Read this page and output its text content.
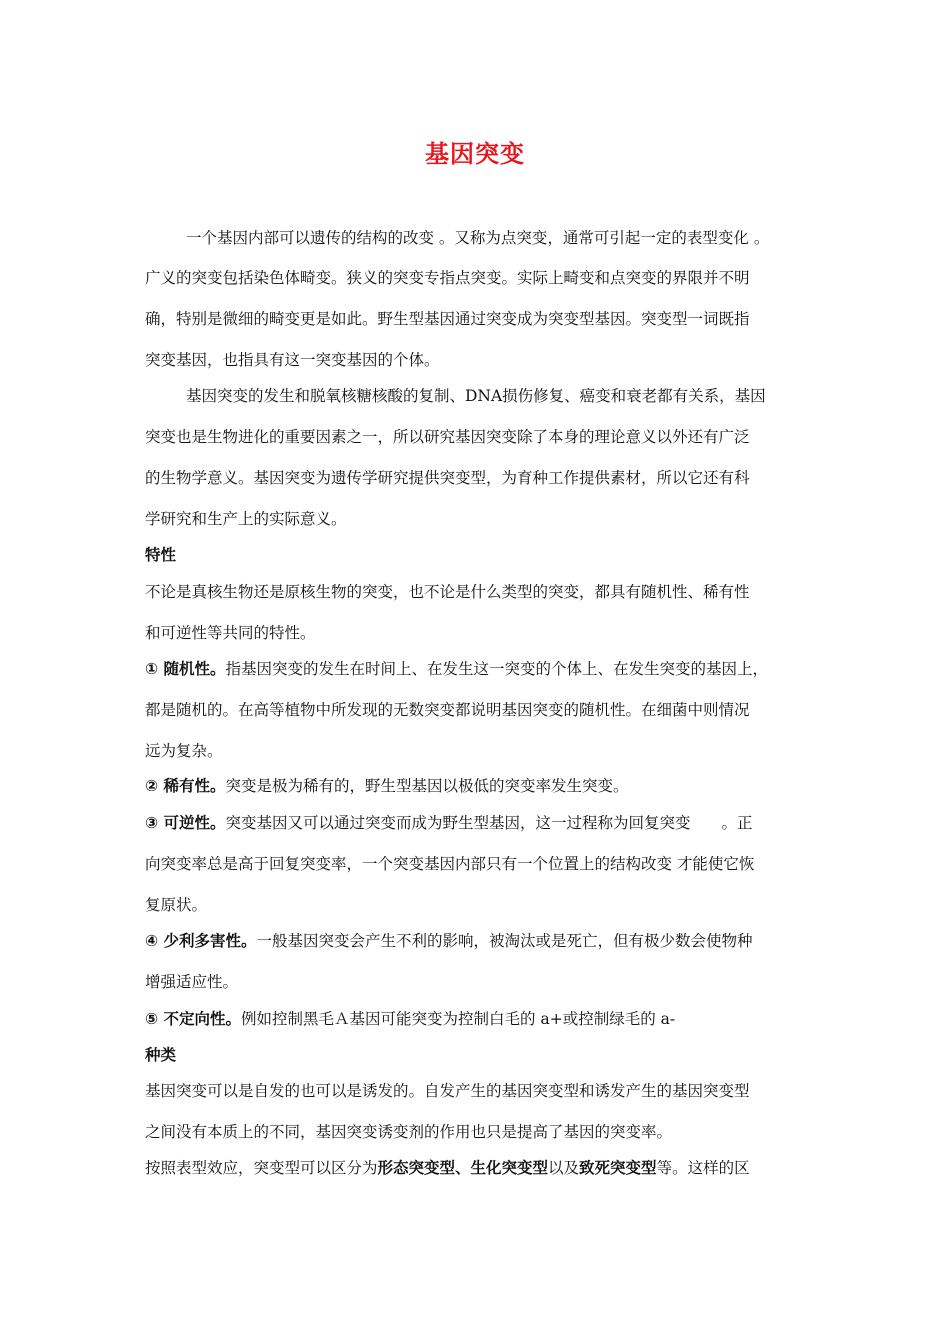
基因突变
一个基因内部可以遗传的结构的改变 。又称为点突变，通常可引起一定的表型变化 。
广义的突变包括染色体畸变。狭义的突变专指点突变。实际上畸变和点突变的界限并不明
确，特别是微细的畸变更是如此。野生型基因通过突变成为突变型基因。突变型一词既指
突变基因，也指具有这一突变基因的个体。
基因突变的发生和脱氧核糖核酸的复制、DNA损伤修复、癌变和衰老都有关系，基因
突变也是生物进化的重要因素之一，所以研究基因突变除了本身的理论意义以外还有广泛
的生物学意义。基因突变为遗传学研究提供突变型，为育种工作提供素材，所以它还有科
学研究和生产上的实际意义。
特性
不论是真核生物还是原核生物的突变，也不论是什么类型的突变，都具有随机性、稀有性
和可逆性等共同的特性。
① 随机性。指基因突变的发生在时间上、在发生这一突变的个体上、在发生突变的基因上，
都是随机的。在高等植物中所发现的无数突变都说明基因突变的随机性。在细菌中则情况
远为复杂。
② 稀有性。突变是极为稀有的，野生型基因以极低的突变率发生突变。
③ 可逆性。突变基因又可以通过突变而成为野生型基因，这一过程称为回复突变　　。正
向突变率总是高于回复突变率，一个突变基因内部只有一个位置上的结构改变 才能使它恢
复原状。
④ 少利多害性。一般基因突变会产生不利的影响，被淘汰或是死亡，但有极少数会使物种
增强适应性。
⑤ 不定向性。例如控制黑毛Ａ基因可能突变为控制白毛的 a+或控制绿毛的 a-
种类
基因突变可以是自发的也可以是诱发的。自发产生的基因突变型和诱发产生的基因突变型
之间没有本质上的不同，基因突变诱变剂的作用也只是提高了基因的突变率。
按照表型效应，突变型可以区分为形态突变型、生化突变型以及致死突变型等。这样的区
